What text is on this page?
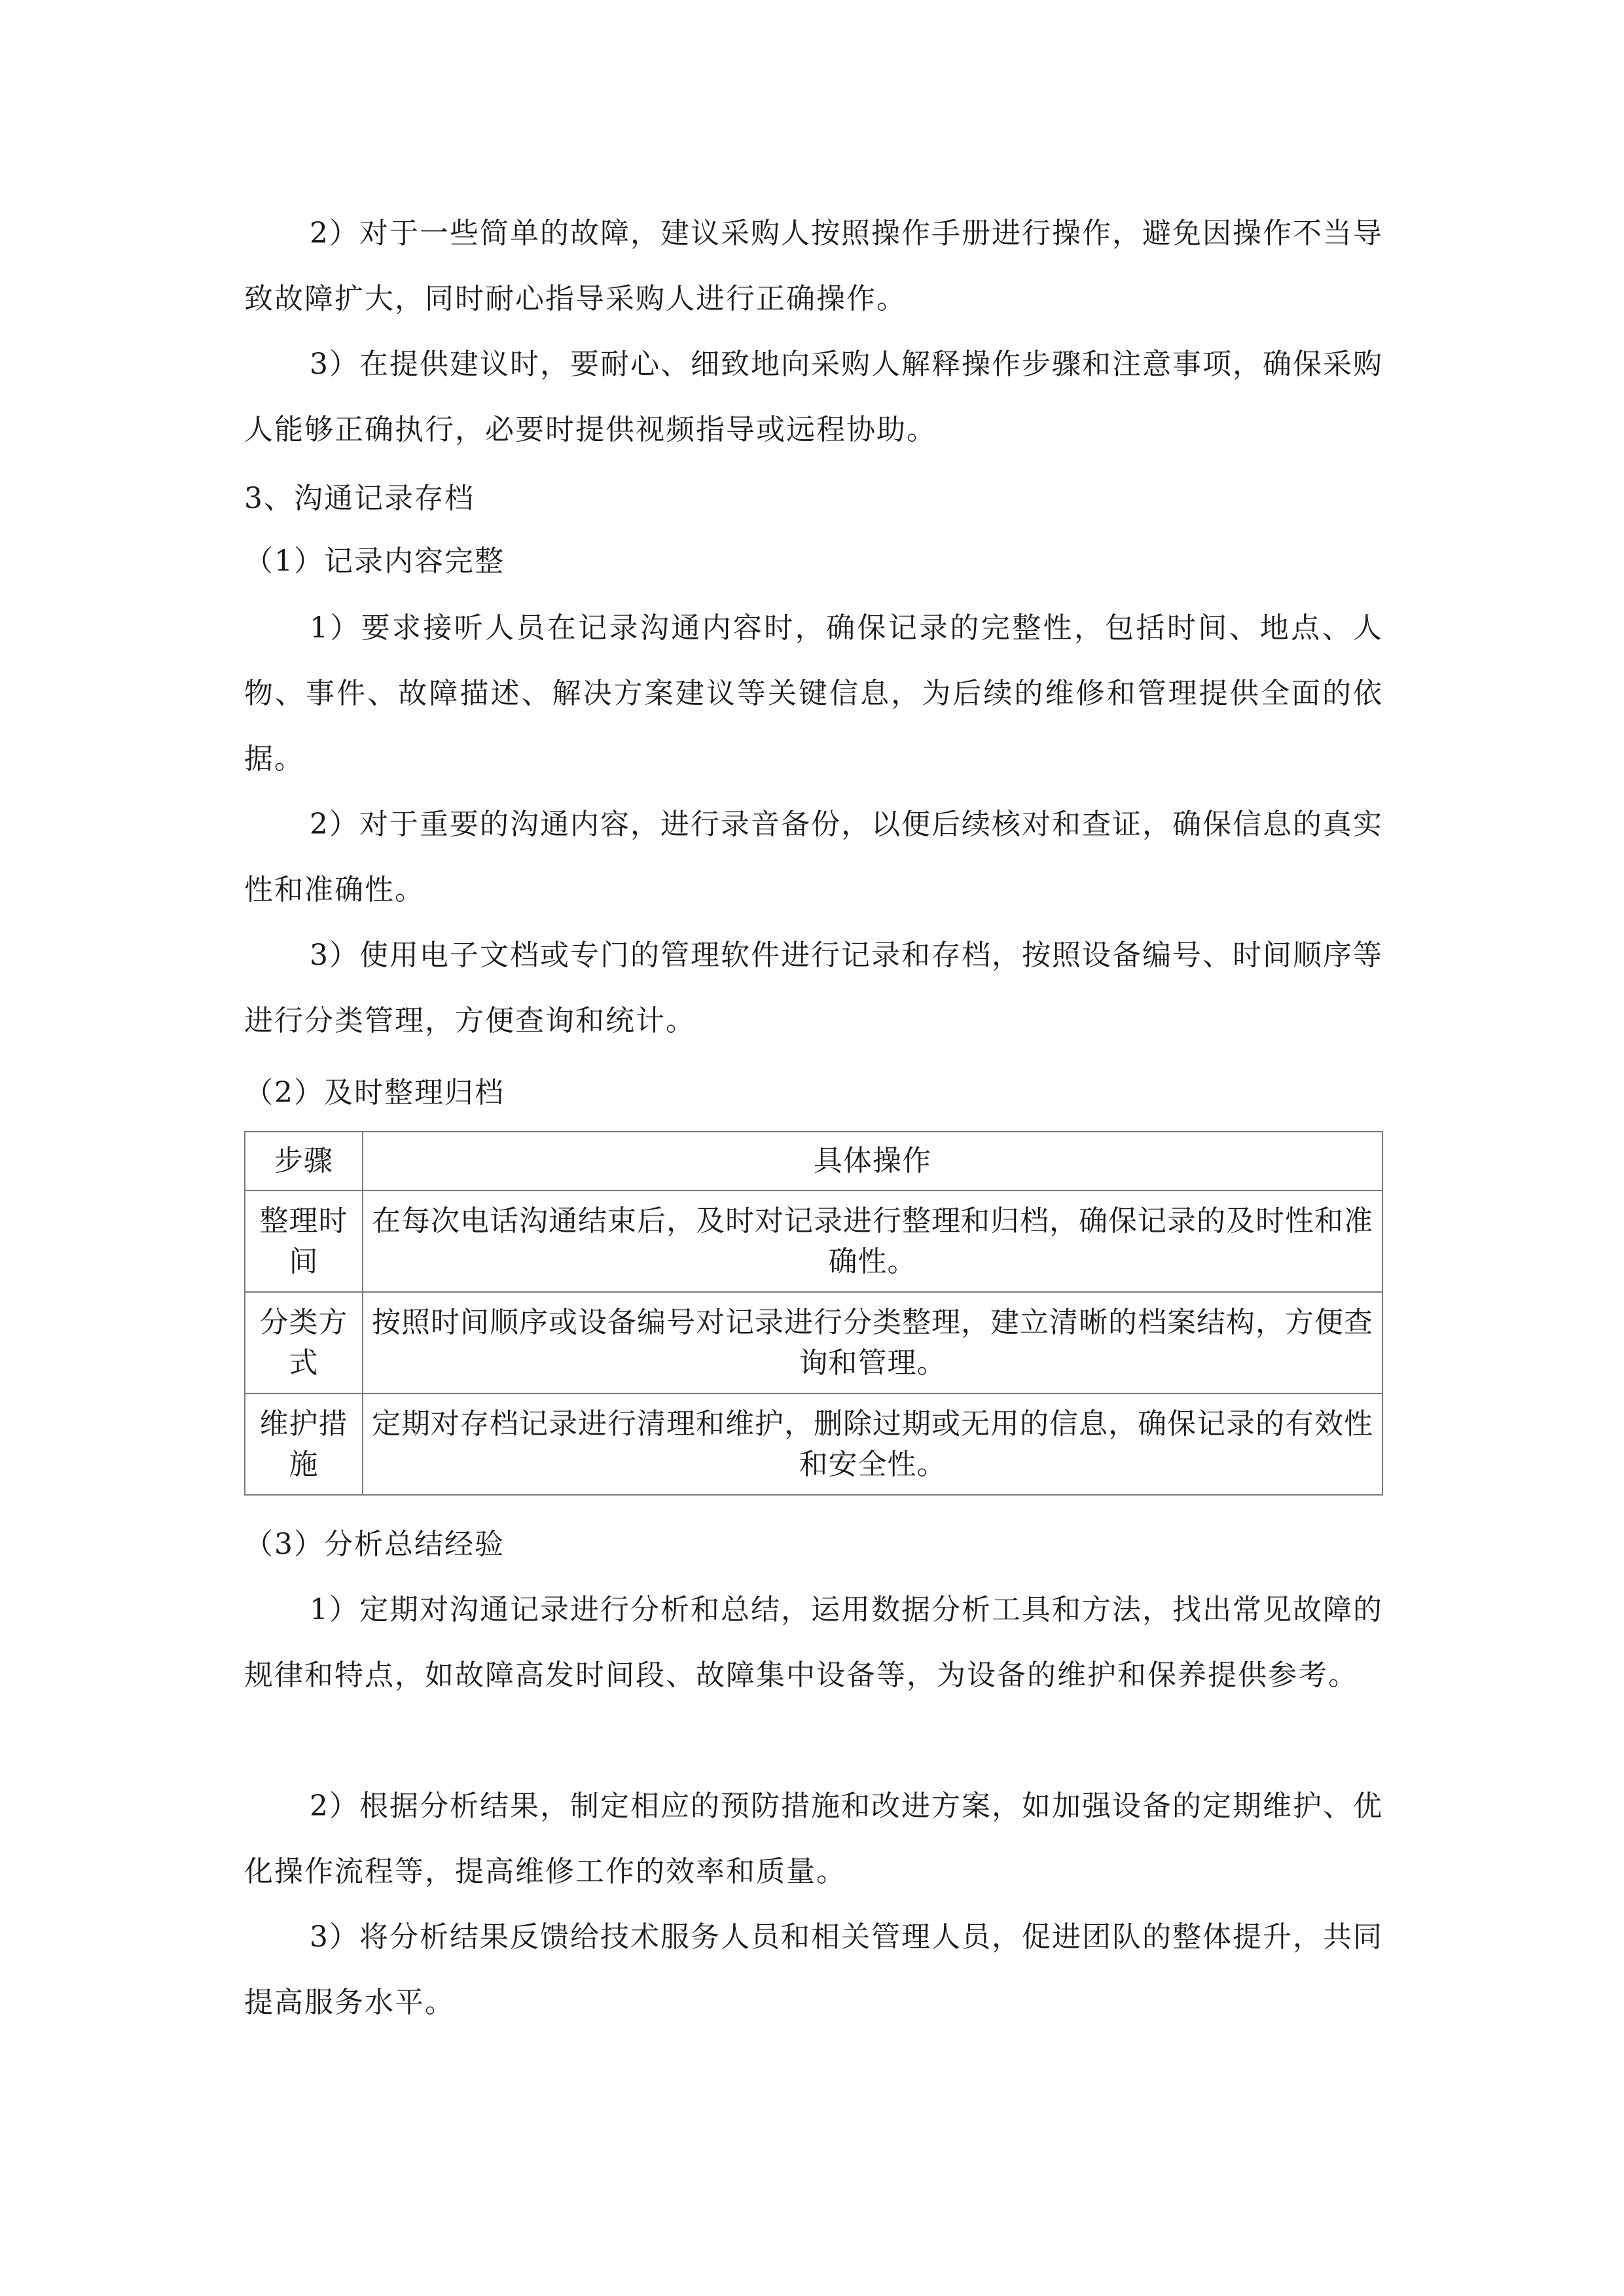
2）对于一些简单的故障，建议采购人按照操作手册进行操作，避免因操作不当导致故障扩大，同时耐心指导采购人进行正确操作。

3）在提供建议时，要耐心、细致地向采购人解释操作步骤和注意事项，确保采购人能够正确执行，必要时提供视频指导或远程协助。

3、沟通记录存档

（1）记录内容完整

1）要求接听人员在记录沟通内容时，确保记录的完整性，包括时间、地点、人物、事件、故障描述、解决方案建议等关键信息，为后续的维修和管理提供全面的依据。

2）对于重要的沟通内容，进行录音备份，以便后续核对和查证，确保信息的真实性和准确性。

3）使用电子文档或专门的管理软件进行记录和存档，按照设备编号、时间顺序等进行分类管理，方便查询和统计。

（2）及时整理归档

步骤	具体操作
整理时间	在每次电话沟通结束后，及时对记录进行整理和归档，确保记录的及时性和准确性。
分类方式	按照时间顺序或设备编号对记录进行分类整理，建立清晰的档案结构，方便查询和管理。
维护措施	定期对存档记录进行清理和维护，删除过期或无用的信息，确保记录的有效性和安全性。

（3）分析总结经验

1）定期对沟通记录进行分析和总结，运用数据分析工具和方法，找出常见故障的规律和特点，如故障高发时间段、故障集中设备等，为设备的维护和保养提供参考。

2）根据分析结果，制定相应的预防措施和改进方案，如加强设备的定期维护、优化操作流程等，提高维修工作的效率和质量。

3）将分析结果反馈给技术服务人员和相关管理人员，促进团队的整体提升，共同提高服务水平。
